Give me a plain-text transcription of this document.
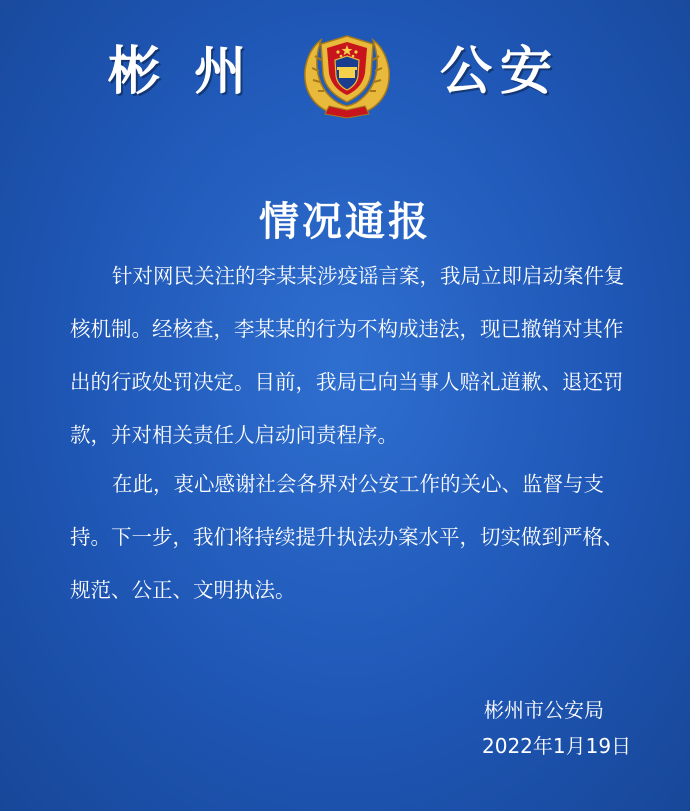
彬 州	公安
情况通报

针对网民关注的李某某涉疫谣言案，我局立即启动案件复核机制。经核查，李某某的行为不构成违法，现已撤销对其作出的行政处罚决定。目前，我局已向当事人赔礼道歉、退还罚款，并对相关责任人启动问责程序。

在此，衷心感谢社会各界对公安工作的关心、监督与支持。下一步，我们将持续提升执法办案水平，切实做到严格、规范、公正、文明执法。

彬州市公安局
2022年1月19日
